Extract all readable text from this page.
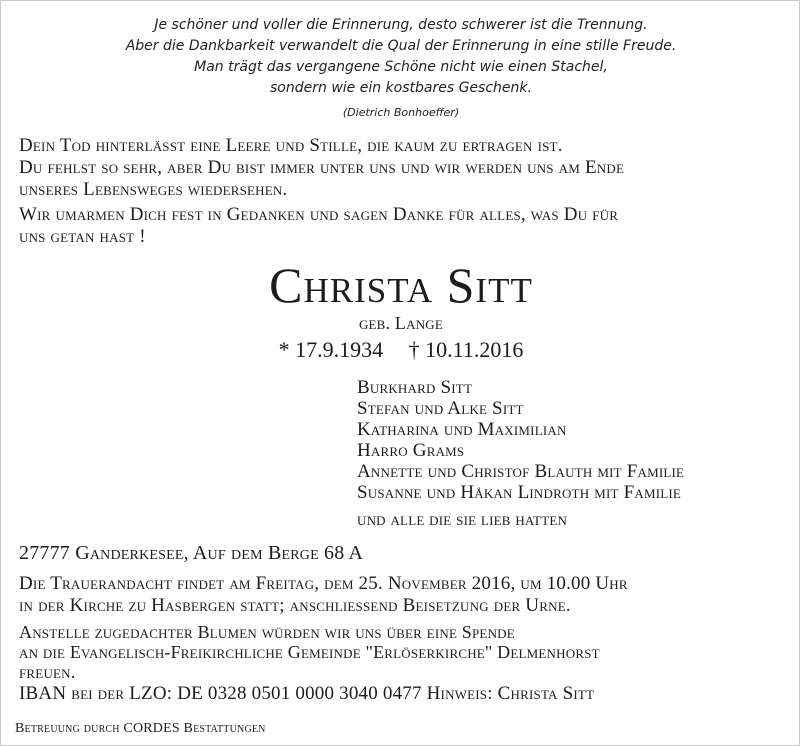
Je schöner und voller die Erinnerung, desto schwerer ist die Trennung.
Aber die Dankbarkeit verwandelt die Qual der Erinnerung in eine stille Freude.
Man trägt das vergangene Schöne nicht wie einen Stachel,
sondern wie ein kostbares Geschenk.
(Dietrich Bonhoeffer)
Dein Tod hinterlässt eine Leere und Stille, die kaum zu ertragen ist.
Du fehlst so sehr, aber Du bist immer unter uns und wir werden uns am Ende
unseres Lebensweges wiedersehen.
Wir umarmen Dich fest in Gedanken und sagen Danke für alles, was Du für
uns getan hast !
Christa Sitt
geb. Lange
* 17.9.1934 † 10.11.2016
Burkhard Sitt
Stefan und Alke Sitt
Katharina und Maximilian
Harro Grams
Annette und Christof Blauth mit Familie
Susanne und Håkan Lindroth mit Familie
und alle die sie lieb hatten
27777 Ganderkesee, Auf dem Berge 68 A
Die Trauerandacht findet am Freitag, dem 25. November 2016, um 10.00 Uhr
in der Kirche zu Hasbergen statt; anschliessend Beisetzung der Urne.
Anstelle zugedachter Blumen würden wir uns über eine Spende
an die Evangelisch-Freikirchliche Gemeinde "Erlöserkirche" Delmenhorst
freuen.
IBAN bei der LZO: DE 0328 0501 0000 3040 0477 Hinweis: Christa Sitt
Betreuung durch CORDES Bestattungen
